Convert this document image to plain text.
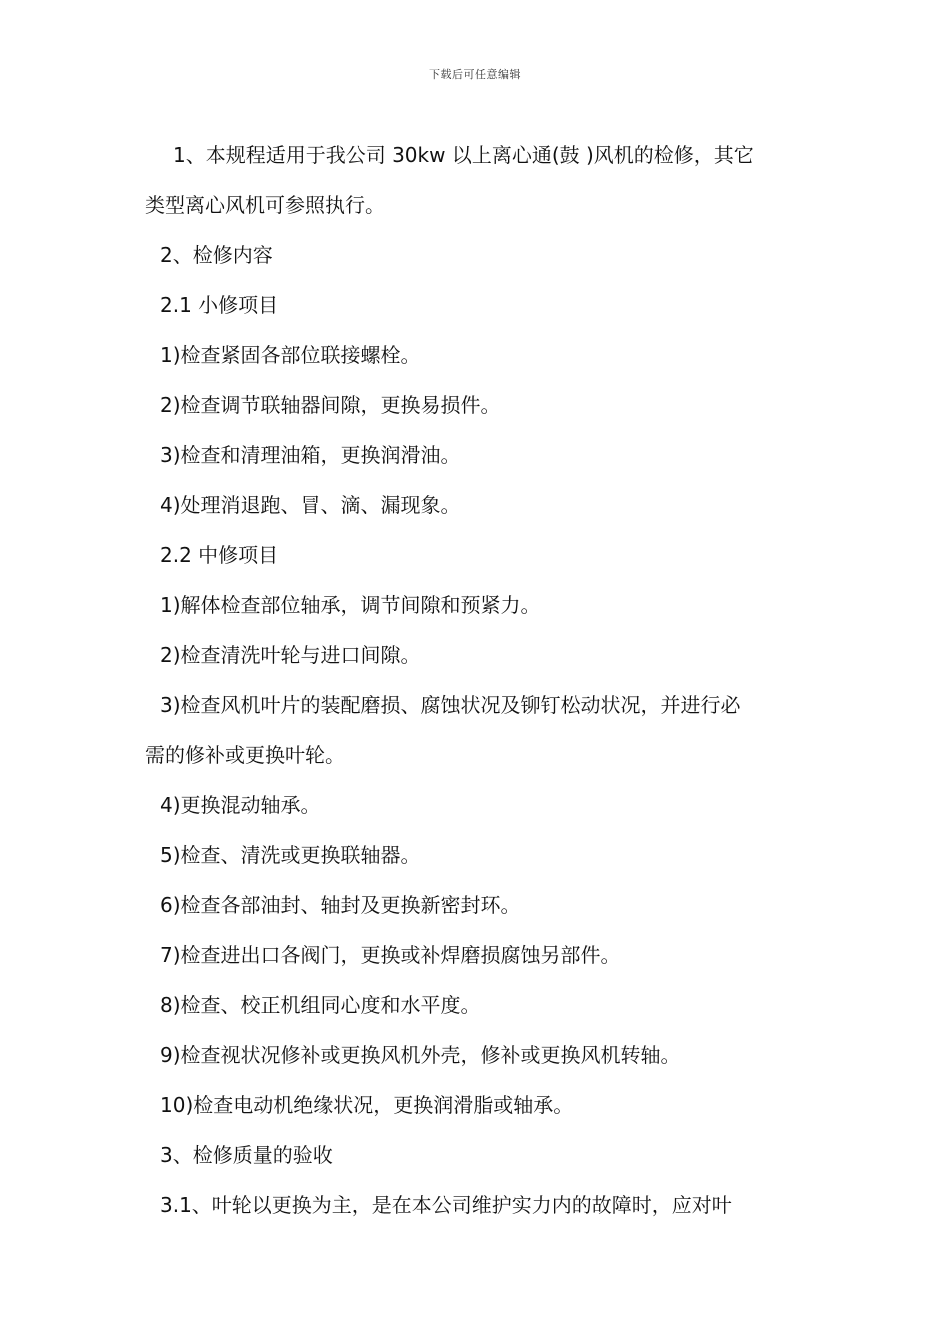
下载后可任意编辑
1、本规程适用于我公司 30kw 以上离心通(鼓 )风机的检修，其它
类型离心风机可参照执行。
2、检修内容
2.1 小修项目
1)检查紧固各部位联接螺栓。
2)检查调节联轴器间隙，更换易损件。
3)检查和清理油箱，更换润滑油。
4)处理消退跑、冒、滴、漏现象。
2.2 中修项目
1)解体检查部位轴承，调节间隙和预紧力。
2)检查清洗叶轮与进口间隙。
3)检查风机叶片的装配磨损、腐蚀状况及铆钉松动状况，并进行必
需的修补或更换叶轮。
4)更换混动轴承。
5)检查、清洗或更换联轴器。
6)检查各部油封、轴封及更换新密封环。
7)检查进出口各阀门，更换或补焊磨损腐蚀另部件。
8)检查、校正机组同心度和水平度。
9)检查视状况修补或更换风机外壳，修补或更换风机转轴。
10)检查电动机绝缘状况，更换润滑脂或轴承。
3、检修质量的验收
3.1、叶轮以更换为主，是在本公司维护实力内的故障时，应对叶
